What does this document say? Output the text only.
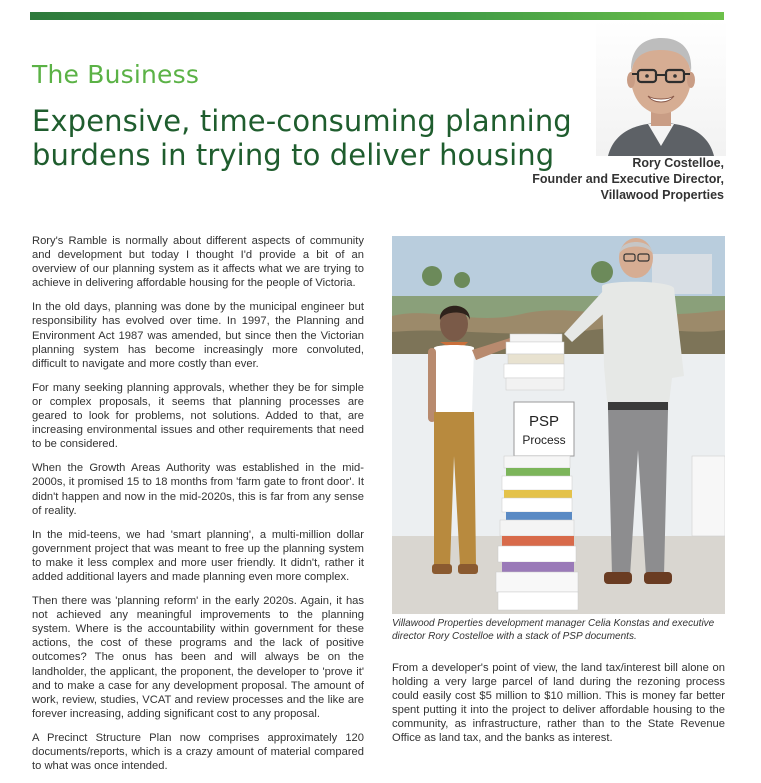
The Business
Expensive, time-consuming planning
burdens in trying to deliver housing	Rory Costelloe,
Founder and Executive Director,
Villawood Properties

Rory's Ramble is normally about different aspects of community and development but today I thought I'd provide a bit of an overview of our planning system as it affects what we are trying to achieve in delivering affordable housing for the people of Victoria.

In the old days, planning was done by the municipal engineer but responsibility has evolved over time. In 1997, the Planning and Environment Act 1987 was amended, but since then the Victorian planning system has become increasingly more convoluted, difficult to navigate and more costly than ever.

For many seeking planning approvals, whether they be for simple or complex proposals, it seems that planning processes are geared to look for problems, not solutions. Added to that, are increasing environmental issues and other requirements that need to be considered.

When the Growth Areas Authority was established in the mid-2000s, it promised 15 to 18 months from 'farm gate to front door'. It didn't happen and now in the mid-2020s, this is far from any sense of reality.

In the mid-teens, we had 'smart planning', a multi-million dollar government project that was meant to free up the planning system to make it less complex and more user friendly. It didn't, rather it added additional layers and made planning even more complex.

Then there was 'planning reform' in the early 2020s. Again, it has not achieved any meaningful improvements to the planning system. Where is the accountability within government for these actions, the cost of these programs and the lack of positive outcomes? The onus has been and will always be on the landholder, the applicant, the proponent, the developer to 'prove it' and to make a case for any development proposal. The amount of work, review, studies, VCAT and review processes and the like are forever increasing, adding significant cost to any proposal.

A Precinct Structure Plan now comprises approximately 120 documents/reports, which is a crazy amount of material compared to what was once intended.

PSP
Process
Villawood Properties development manager Celia Konstas and executive director Rory Costelloe with a stack of PSP documents.

From a developer's point of view, the land tax/interest bill alone on holding a very large parcel of land during the rezoning process could easily cost $5 million to $10 million. This is money far better spent putting it into the project to deliver affordable housing to the community, as infrastructure, rather than to the State Revenue Office as land tax, and the banks as interest.
